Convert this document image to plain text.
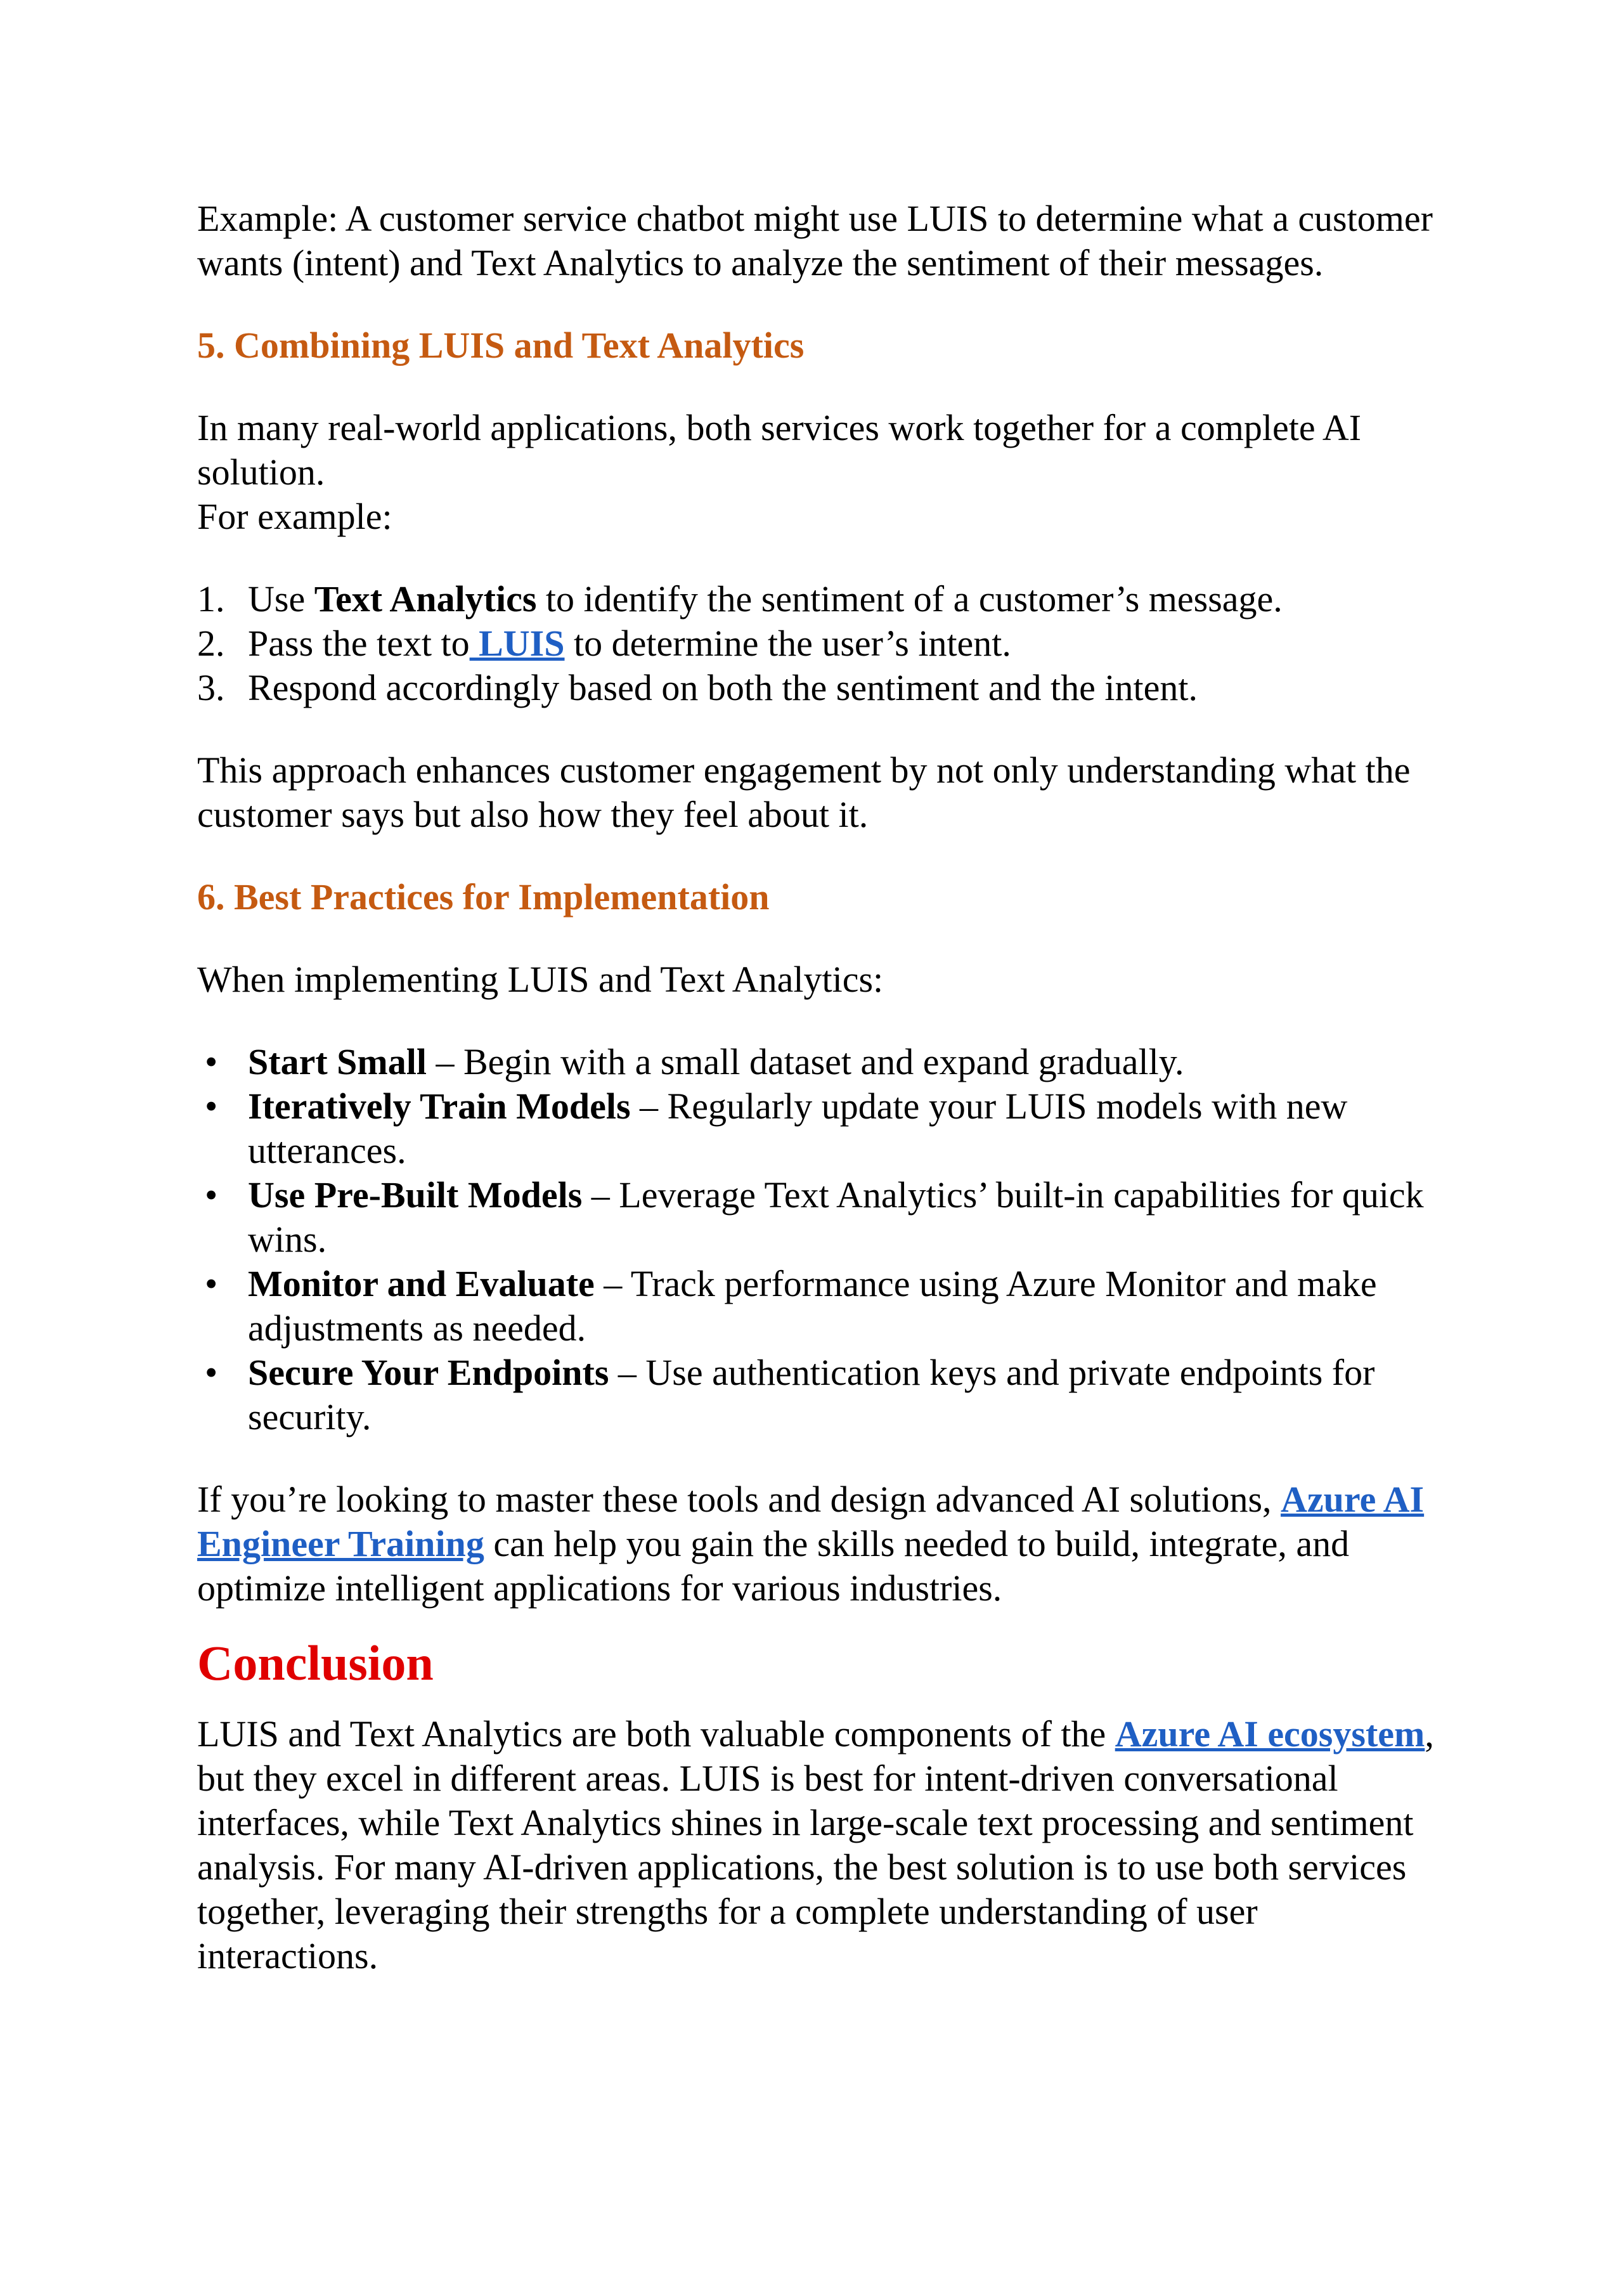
Example: A customer service chatbot might use LUIS to determine what a customer wants (intent) and Text Analytics to analyze the sentiment of their messages.

5. Combining LUIS and Text Analytics

In many real-world applications, both services work together for a complete AI solution.
For example:

1. Use Text Analytics to identify the sentiment of a customer’s message.
2. Pass the text to LUIS to determine the user’s intent.
3. Respond accordingly based on both the sentiment and the intent.

This approach enhances customer engagement by not only understanding what the customer says but also how they feel about it.

6. Best Practices for Implementation

When implementing LUIS and Text Analytics:

• Start Small – Begin with a small dataset and expand gradually.
• Iteratively Train Models – Regularly update your LUIS models with new utterances.
• Use Pre-Built Models – Leverage Text Analytics’ built-in capabilities for quick wins.
• Monitor and Evaluate – Track performance using Azure Monitor and make adjustments as needed.
• Secure Your Endpoints – Use authentication keys and private endpoints for security.

If you’re looking to master these tools and design advanced AI solutions, Azure AI Engineer Training can help you gain the skills needed to build, integrate, and optimize intelligent applications for various industries.

Conclusion

LUIS and Text Analytics are both valuable components of the Azure AI ecosystem, but they excel in different areas. LUIS is best for intent-driven conversational interfaces, while Text Analytics shines in large-scale text processing and sentiment analysis. For many AI-driven applications, the best solution is to use both services together, leveraging their strengths for a complete understanding of user interactions.
